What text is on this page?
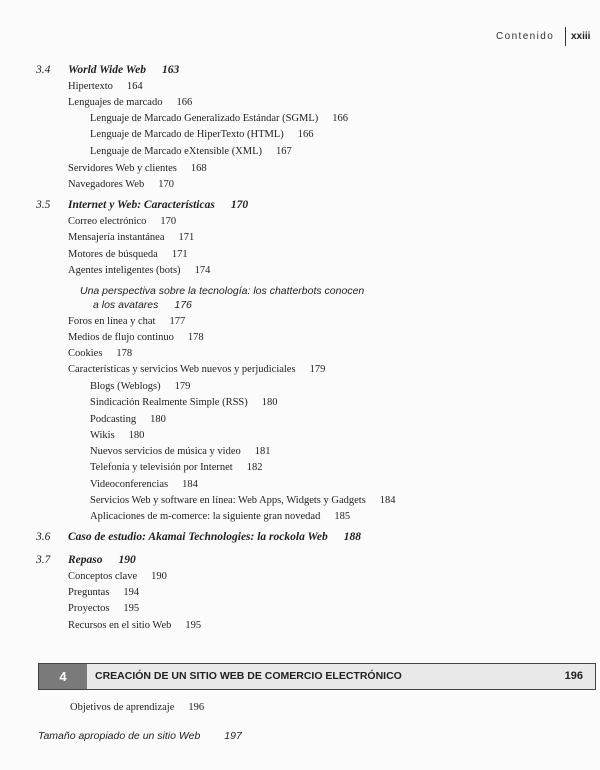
Contenido xxiii
3.4 World Wide Web 163
Hipertexto 164
Lenguajes de marcado 166
Lenguaje de Marcado Generalizado Estándar (SGML) 166
Lenguaje de Marcado de HiperTexto (HTML) 166
Lenguaje de Marcado eXtensible (XML) 167
Servidores Web y clientes 168
Navegadores Web 170
3.5 Internet y Web: Características 170
Correo electrónico 170
Mensajería instantánea 171
Motores de búsqueda 171
Agentes inteligentes (bots) 174
Una perspectiva sobre la tecnología: los chatterbots conocen
a los avatares 176
Foros en línea y chat 177
Medios de flujo continuo 178
Cookies 178
Características y servicios Web nuevos y perjudiciales 179
Blogs (Weblogs) 179
Sindicación Realmente Simple (RSS) 180
Podcasting 180
Wikis 180
Nuevos servicios de música y video 181
Telefonía y televisión por Internet 182
Videoconferencias 184
Servicios Web y software en línea: Web Apps, Widgets y Gadgets 184
Aplicaciones de m-comerce: la siguiente gran novedad 185
3.6 Caso de estudio: Akamai Technologies: la rockola Web 188
3.7 Repaso 190
Conceptos clave 190
Preguntas 194
Proyectos 195
Recursos en el sitio Web 195
4	CREACIÓN DE UN SITIO WEB DE COMERCIO ELECTRÓNICO	196
Objetivos de aprendizaje 196
Tamaño apropiado de un sitio Web 197
